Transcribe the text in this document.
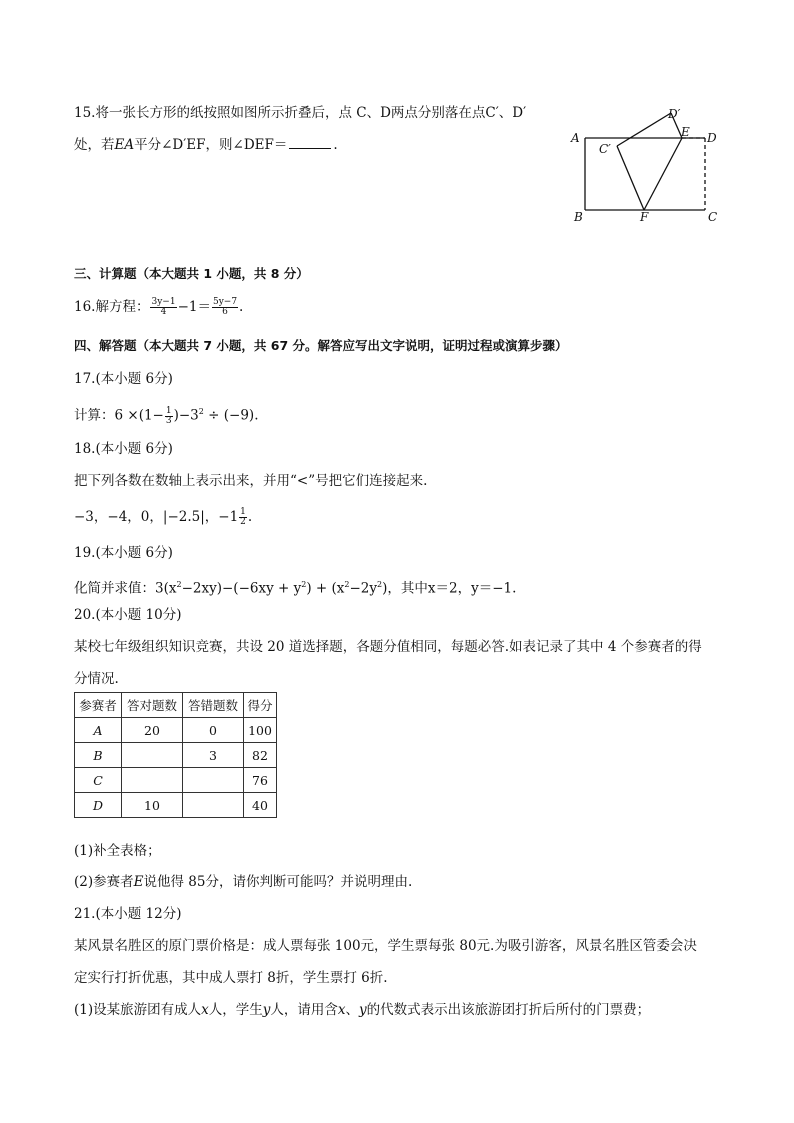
15.将一张长方形的纸按照如图所示折叠后，点 C、D两点分别落在点C′、D′
处，若EA平分∠D′EF，则∠DEF＝	.	A
B	C
D
E
F
C′
D′
三、计算题（本大题共 1 小题，共 8 分）
16.解方程： $\frac{3y-1}{4} -1= \frac{5y-7}{6}$ .
四、解答题（本大题共 7 小题，共 67 分。解答应写出文字说明，证明过程或演算步骤）
17.(本小题 6分)
计算：$6 \times(1- \frac{1}{3} )-3^2 \div (-9)$.
18.(本小题 6分)
把下列各数在数轴上表示出来，并用“<”号把它们连接起来.
−3，−4，0，|−2.5|，$-1 \frac{1}{2}$ .
19.(本小题 6分)
化简并求值：$3(x^2-2xy)-(-6xy + y^2) + (x^2-2y^2)$，其中x＝2，y＝−1.
20.(本小题 10分)
某校七年级组织知识竞赛，共设 20 道选择题，各题分值相同，每题必答.如表记录了其中 4 个参赛者的得
分情况.
参赛者	答对题数	答错题数	得分
A	20	0	100
B		3	82
C			76
D	10		40
(1)补全表格；
(2)参赛者E说他得 85分，请你判断可能吗？并说明理由.
21.(本小题 12分)
某风景名胜区的原门票价格是：成人票每张 100元，学生票每张 80元.为吸引游客，风景名胜区管委会决
定实行打折优惠，其中成人票打 8折，学生票打 6折.
(1)设某旅游团有成人x人，学生y人，请用含x、y的代数式表示出该旅游团打折后所付的门票费；
